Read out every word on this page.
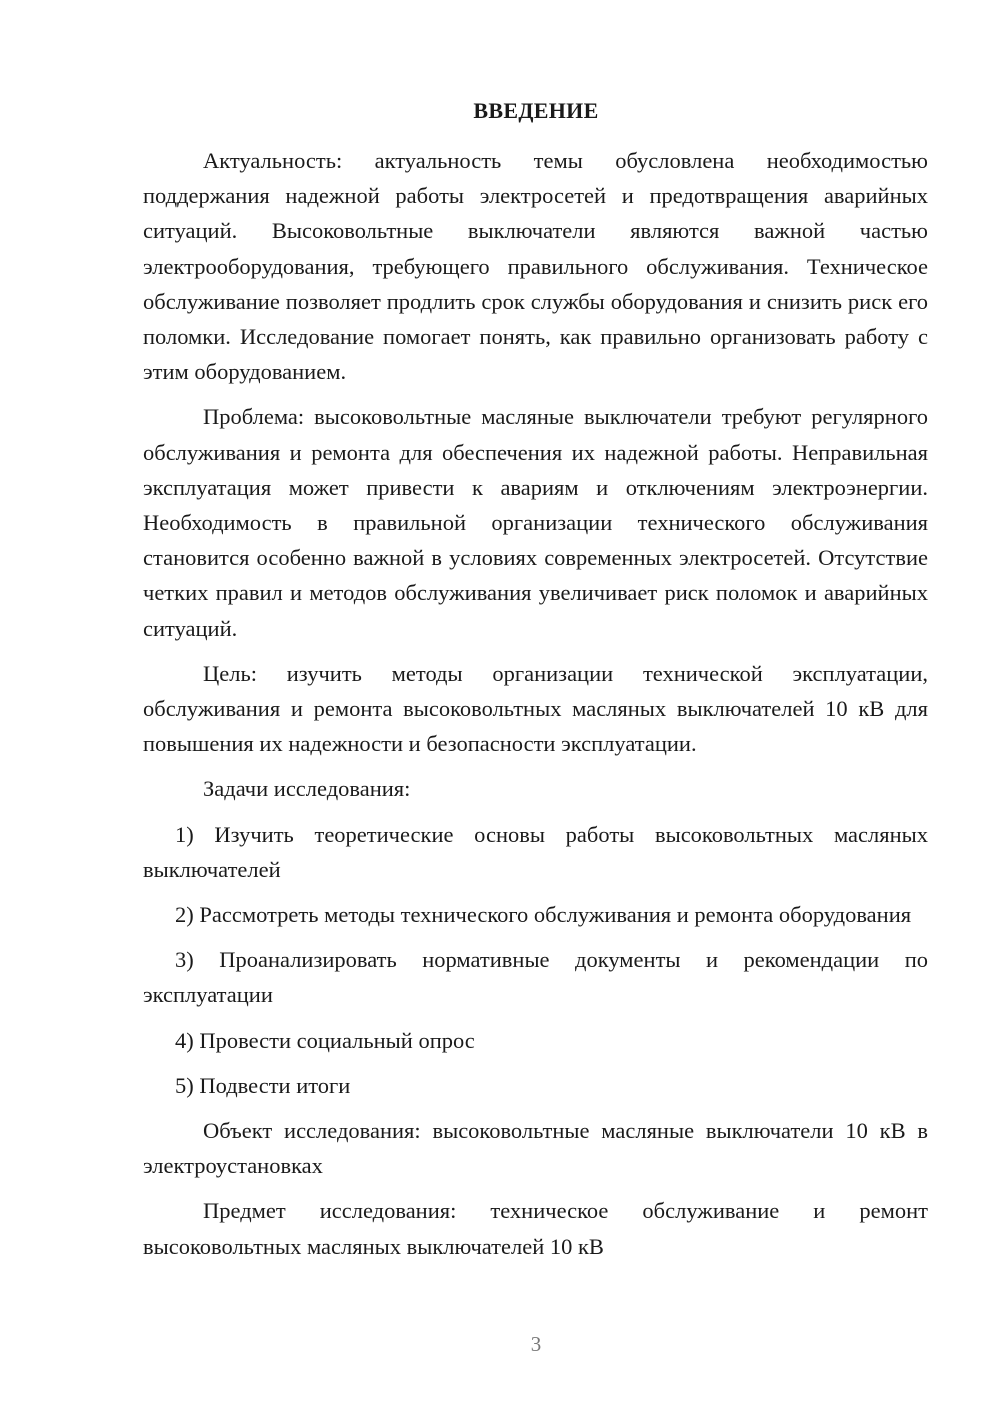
ВВЕДЕНИЕ

Актуальность: актуальность темы обусловлена необходимостью поддержания надежной работы электросетей и предотвращения аварийных ситуаций. Высоковольтные выключатели являются важной частью электрооборудования, требующего правильного обслуживания. Техническое обслуживание позволяет продлить срок службы оборудования и снизить риск его поломки. Исследование помогает понять, как правильно организовать работу с этим оборудованием.

Проблема: высоковольтные масляные выключатели требуют регулярного обслуживания и ремонта для обеспечения их надежной работы. Неправильная эксплуатация может привести к авариям и отключениям электроэнергии. Необходимость в правильной организации технического обслуживания становится особенно важной в условиях современных электросетей. Отсутствие четких правил и методов обслуживания увеличивает риск поломок и аварийных ситуаций.

Цель: изучить методы организации технической эксплуатации, обслуживания и ремонта высоковольтных масляных выключателей 10 кВ для повышения их надежности и безопасности эксплуатации.

Задачи исследования:

1) Изучить теоретические основы работы высоковольтных масляных выключателей

2) Рассмотреть методы технического обслуживания и ремонта оборудования

3) Проанализировать нормативные документы и рекомендации по эксплуатации

4) Провести социальный опрос

5) Подвести итоги

Объект исследования: высоковольтные масляные выключатели 10 кВ в электроустановках

Предмет исследования: техническое обслуживание и ремонт высоковольтных масляных выключателей 10 кВ

3
